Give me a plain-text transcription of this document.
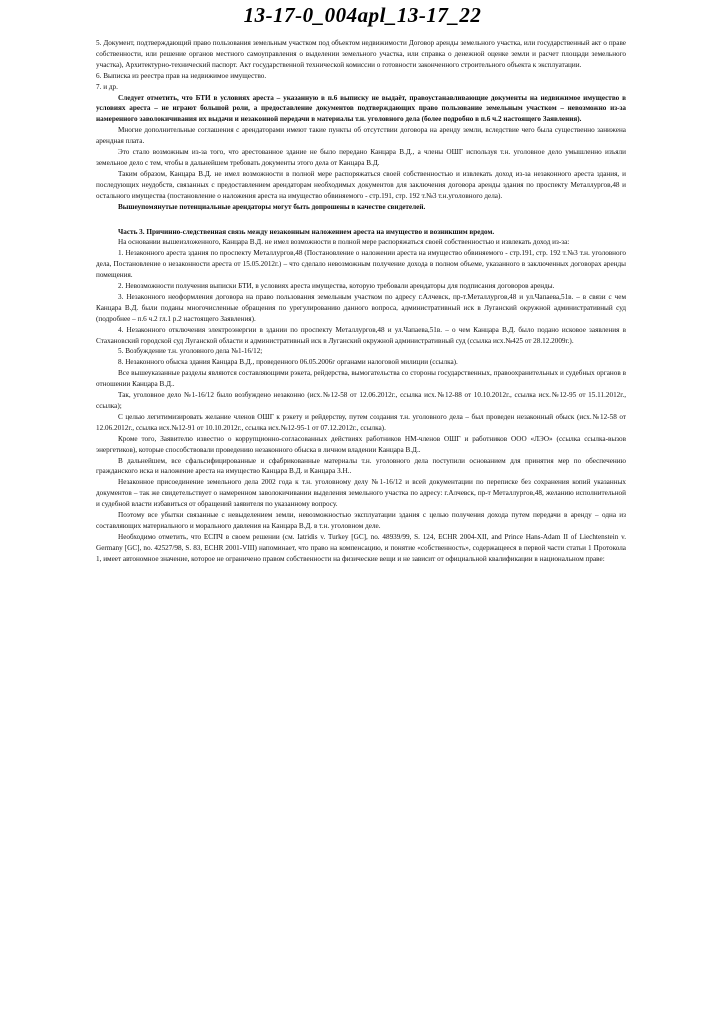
13-17-0_004apl_13-17_22

5. Документ, подтверждающий право пользования земельным участком под объектом недвижимости Договор аренды земельного участка, или государственный акт о праве собственности, или решение органов местного самоуправления о выделении земельного участка, или справка о денежной оценке земли и расчет площади земельного участка), Архитектурно-технический паспорт. Акт государственной технической комиссии о готовности законченного строительного объекта к эксплуатации.

6. Выписка из реестра прав на недвижимое имущество.

7. и др.

Следует отметить, что БТИ в условиях ареста – указанную в п.6 выписку не выдаёт, правоустанавливающие документы на недвижимое имущество в условиях ареста – не играют большой роли, а предоставление документов подтверждающих право пользование земельным участком – невозможно из-за намеренного заволокичивания их выдачи и незаконной передачи в материалы т.н. уголовного дела (более подробно в п.6 ч.2 настоящего Заявления).

Многие дополнительные соглашения с арендаторами имеют такие пункты об отсутствии договора на аренду земли, вследствие чего была существенно занижена арендная плата.

Это стало возможным из-за того, что арестованное здание не было передано Канцара В.Д., а члены ОШГ используя т.н. уголовное дело умышленно изъяли земельное дело с тем, чтобы в дальнейшем требовать документы этого дела от Канцара В.Д.

Таким образом, Канцара В.Д. не имел возможности в полной мере распоряжаться своей собственностью и извлекать доход из-за незаконного ареста здания, и последующих неудобств, связанных с предоставлением арендаторам необходимых документов для заключения договора аренды здания по проспекту Металлургов,48 и остального имущества (постановление о наложения ареста на имущество обвиняемого - стр.191, стр. 192 т.№3 т.н.уголовного дела).

Вышеупомянутые потенциальные арендаторы могут быть допрошены в качестве свидетелей.

Часть 3. Причинно-следственная связь между незаконным наложением ареста на имущество и возникшим вредом.

На основании вышеизложенного, Канцара В.Д. не имел возможности в полной мере распоряжаться своей собственностью и извлекать доход из-за:

1. Незаконного ареста здания по проспекту Металлургов,48 (Постановление о наложении ареста на имущество обвиняемого - стр.191, стр. 192 т.№3 т.н. уголовного дела, Постановление о незаконности ареста от 15.05.2012г.) – что сделало невозможным получение дохода в полном объеме, указанного в заключенных договорах аренды помещения.

2. Невозможности получения выписки БТИ, в условиях ареста имущества, которую требовали арендаторы для подписания договоров аренды.

3. Незаконного неоформления договора на право пользования земельным участком по адресу г.Алчевск, пр-т.Металлургов,48 и ул.Чапаева,51в. – в связи с чем Канцара В.Д. были поданы многочисленные обращения по урегулированию данного вопроса, административный иск в Луганский окружной административный суд (подробнее – п.6 ч.2 гл.1 р.2 настоящего Заявления).

4. Незаконного отключения электроэнергии в здании по проспекту Металлургов,48 и ул.Чапаева,51в. – о чем Канцара В.Д. было подано исковое заявления в Стахановский городской суд Луганской области и административный иск в Луганский окружной административный суд (ссылка исх.№425 от 28.12.2009г.).

5. Возбуждение т.н. уголовного дела №1-16/12;

8. Незаконного обыска здания Канцара В.Д., проведенного 06.05.2006г органами налоговой милиции (ссылка).

Все вышеуказанные разделы являются составляющими рэкета, рейдерства, вымогательства со стороны государственных, правоохранительных и судебных органов в отношении Канцара В.Д..

Так, уголовное дело №1-16/12 было возбуждено незаконно (исх.№12-58 от 12.06.2012г., ссылка исх.№12-88 от 10.10.2012г., ссылка исх.№12-95 от 15.11.2012г., ссылка);

С целью легитимизировать желание членов ОШГ к рэкету и рейдерству, путем создания т.н. уголовного дела – был проведен незаконный обыск (исх.№12-58 от 12.06.2012г., ссылка исх.№12-91 от 10.10.2012г., ссылка исх.№12-95-1 от 07.12.2012г., ссылка).

Кроме того, Заявителю известно о коррупционно-согласованных действиях работников НМ-членов ОШГ и работников ООО «ЛЭО» (ссылка ссылка-вызов энергетиков), которые способствовали проведению незаконного обыска в личном владении Канцара В.Д..

В дальнейшем, все сфальсифицированные и сфабрикованные материалы т.н. уголовного дела поступили основанием для принятия мер по обеспечению гражданского иска и наложение ареста на имущество Канцара В.Д. и Канцара З.Н..

Незаконное присоединение земельного дела 2002 года к т.н. уголовному делу №1-16/12 и всей документации по переписке без сохранения копий указанных документов – так же свидетельствует о намеренном заволокичивании выделения земельного участка по адресу: г.Алчевск, пр-т Металлургов,48, желанию исполнительной и судебной власти избавиться от обращений заявителя по указанному вопросу.

Поэтому все убытки связанные с невыделением земли, невозможностью эксплуатации здания с целью получения дохода путем передачи в аренду – одна из составляющих материального и морального давления на Канцара В.Д. в т.н. уголовном деле.

Необходимо отметить, что ЕСПЧ в своем решении (см. Iatridis v. Turkey [GC], no. 48939/99, S. 124, ECHR 2004-XII, and Prince Hans-Adam II of Liechtenstein v. Germany [GC], no. 42527/98, S. 83, ECHR 2001-VIII) напоминает, что право на компенсацию, и понятие «собственность», содержащееся в первой части статьи 1 Протокола 1, имеет автономное значение, которое не ограничено правом собственности на физические вещи и не зависит от официальной квалификации в национальном праве:
